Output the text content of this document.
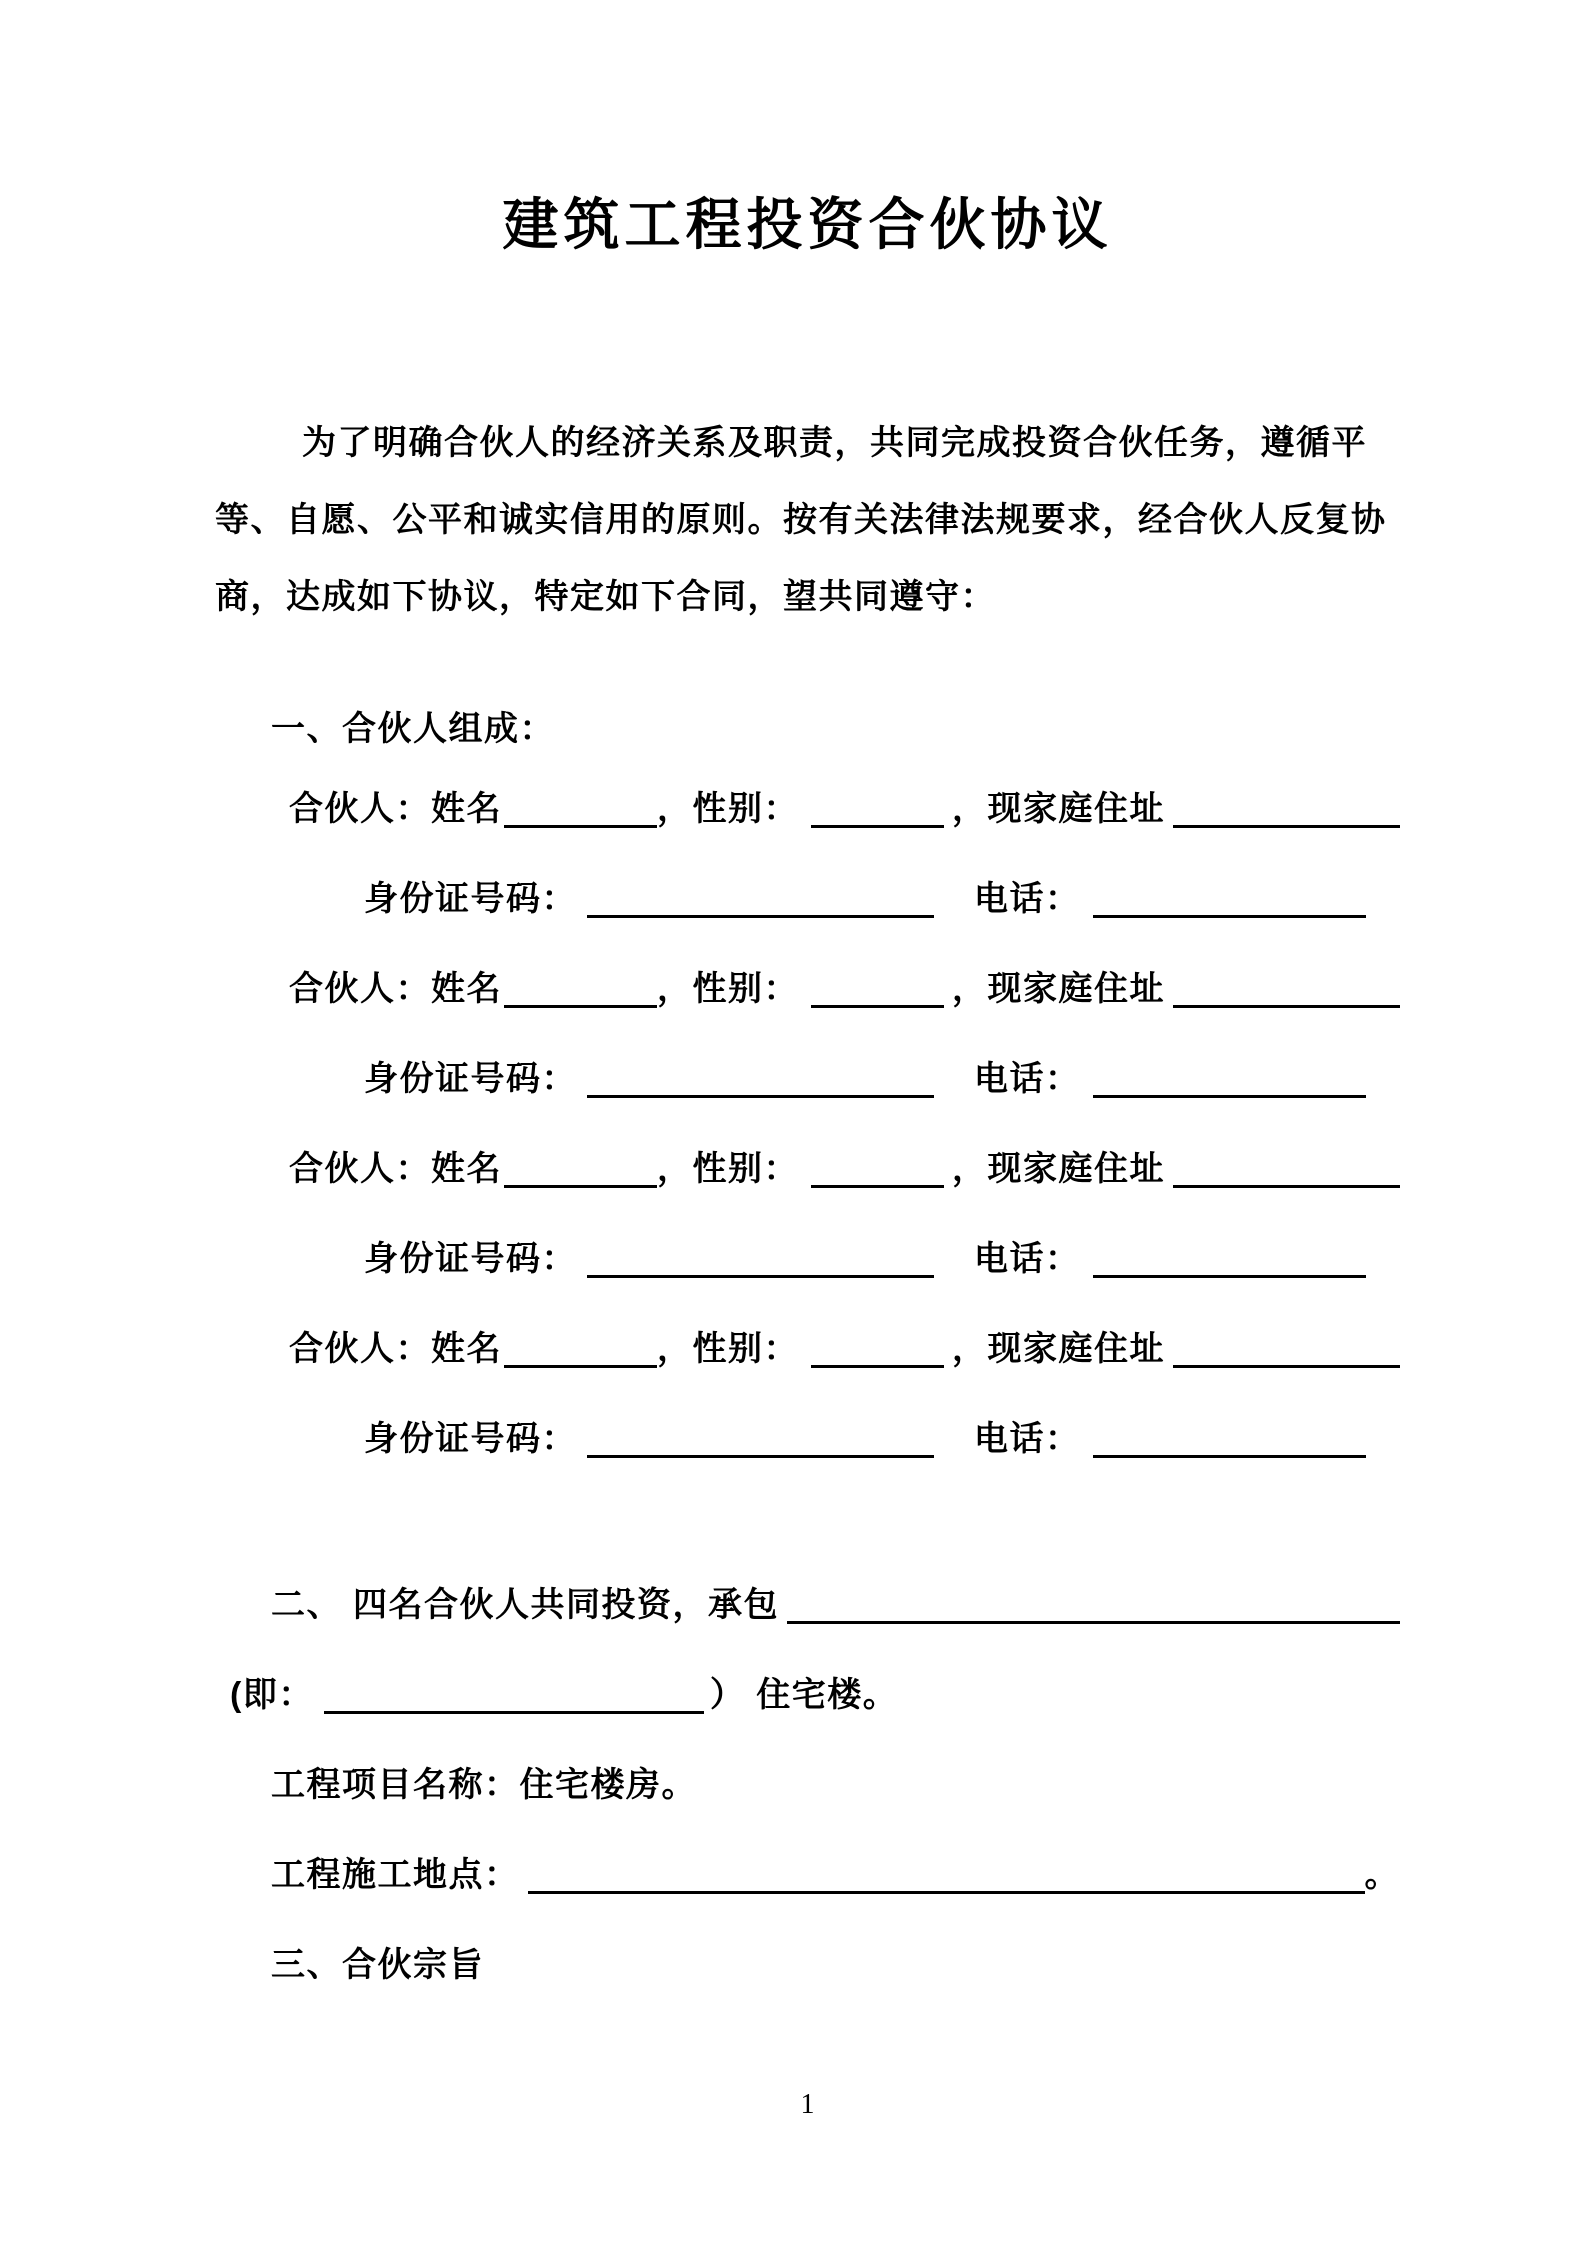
建筑工程投资合伙协议
为了明确合伙人的经济关系及职责，共同完成投资合伙任务，遵循平
等、自愿、公平和诚实信用的原则。按有关法律法规要求，经合伙人反复协
商，达成如下协议，特定如下合同，望共同遵守：
一、合伙人组成：
合伙人：姓名	，性别：	，现家庭住址
身份证号码：	电话：
合伙人：姓名	，性别：	，现家庭住址
身份证号码：	电话：
合伙人：姓名	，性别：	，现家庭住址
身份证号码：	电话：
合伙人：姓名	，性别：	，现家庭住址
身份证号码：	电话：
二、 四名合伙人共同投资，承包
(即：	） 住宅楼。
工程项目名称：住宅楼房。
工程施工地点：	。
三、合伙宗旨
1
